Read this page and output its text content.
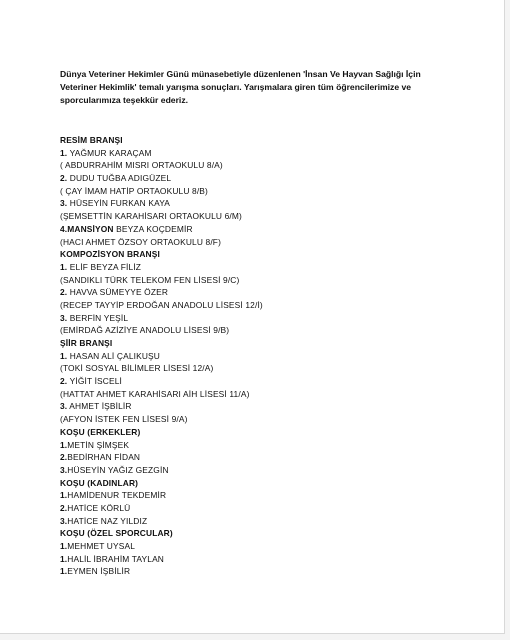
Dünya Veteriner Hekimler Günü münasebetiyle düzenlenen 'İnsan Ve Hayvan Sağlığı İçin

Veteriner Hekimlik' temalı yarışma sonuçları. Yarışmalara giren tüm öğrencilerimize ve

sporcularımıza teşekkür ederiz.

RESİM BRANŞI
1. YAĞMUR KARAÇAM
( ABDURRAHİM MISRI ORTAOKULU 8/A)
2. DUDU TUĞBA ADIGÜZEL
( ÇAY İMAM HATİP ORTAOKULU 8/B)
3. HÜSEYİN FURKAN KAYA
(ŞEMSETTİN KARAHİSARI ORTAOKULU 6/M)
4.MANSİYON BEYZA KOÇDEMİR
(HACI AHMET ÖZSOY ORTAOKULU 8/F)
KOMPOZİSYON BRANŞI
1. ELİF BEYZA FİLİZ
(SANDIKLI TÜRK TELEKOM FEN LİSESİ 9/C)
2. HAVVA SÜMEYYE ÖZER
(RECEP TAYYİP ERDOĞAN ANADOLU LİSESİ 12/İ)
3. BERFİN YEŞİL
(EMİRDAĞ AZİZİYE ANADOLU LİSESİ 9/B)
ŞİİR BRANŞI
1. HASAN ALİ ÇALIKUŞU
(TOKİ SOSYAL BİLİMLER LİSESİ 12/A)
2. YİĞİT İSCELİ
(HATTAT AHMET KARAHİSARI AİH LİSESİ 11/A)
3. AHMET İŞBİLİR
(AFYON İSTEK FEN LİSESİ 9/A)
KOŞU (ERKEKLER)
1.METİN ŞİMŞEK
2.BEDİRHAN FİDAN
3.HÜSEYİN YAĞIZ GEZGİN
KOŞU (KADINLAR)
1.HAMİDENUR TEKDEMİR
2.HATİCE KÖRLÜ
3.HATİCE NAZ YILDIZ
KOŞU (ÖZEL SPORCULAR)
1.MEHMET UYSAL
1.HALİL İBRAHİM TAYLAN
1.EYMEN İŞBİLİR
